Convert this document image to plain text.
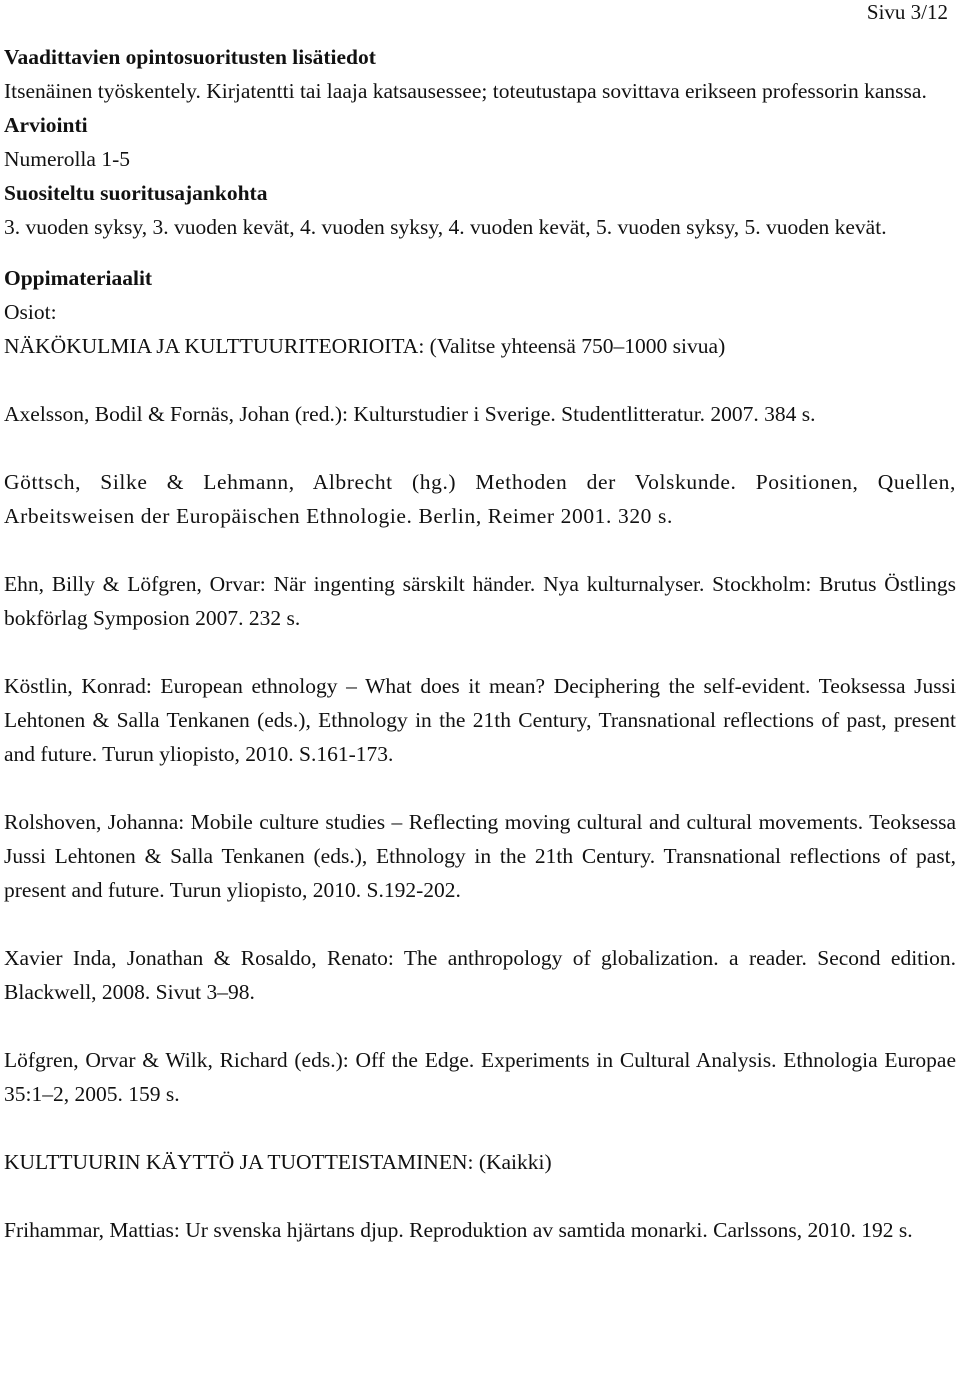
Sivu 3/12

Vaadittavien opintosuoritusten lisätiedot

Itsenäinen työskentely. Kirjatentti tai laaja katsausessee; toteutustapa sovittava erikseen professorin kanssa.

Arviointi

Numerolla 1-5

Suositeltu suoritusajankohta

3. vuoden syksy, 3. vuoden kevät, 4. vuoden syksy, 4. vuoden kevät, 5. vuoden syksy, 5. vuoden kevät.

Oppimateriaalit

Osiot:

NÄKÖKULMIA JA KULTTUURITEORIOITA: (Valitse yhteensä 750–1000 sivua)

Axelsson, Bodil & Fornäs, Johan (red.): Kulturstudier i Sverige. Studentlitteratur. 2007. 384 s.

Göttsch, Silke & Lehmann, Albrecht (hg.) Methoden der Volskunde. Positionen, Quellen, Arbeitsweisen der Europäischen Ethnologie. Berlin, Reimer 2001. 320 s.

Ehn, Billy & Löfgren, Orvar: När ingenting särskilt händer. Nya kulturnalyser. Stockholm: Brutus Östlings bokförlag Symposion 2007. 232 s.

Köstlin, Konrad: European ethnology – What does it mean? Deciphering the self-evident. Teoksessa Jussi Lehtonen & Salla Tenkanen (eds.), Ethnology in the 21th Century, Transnational reflections of past, present and future. Turun yliopisto, 2010. S.161-173.

Rolshoven, Johanna: Mobile culture studies – Reflecting moving cultural and cultural movements. Teoksessa Jussi Lehtonen & Salla Tenkanen (eds.), Ethnology in the 21th Century. Transnational reflections of past, present and future. Turun yliopisto, 2010. S.192-202.

Xavier Inda, Jonathan & Rosaldo, Renato: The anthropology of globalization. a reader. Second edition. Blackwell, 2008. Sivut 3–98.

Löfgren, Orvar & Wilk, Richard (eds.): Off the Edge. Experiments in Cultural Analysis. Ethnologia Europae 35:1–2, 2005. 159 s.

KULTTUURIN KÄYTTÖ JA TUOTTEISTAMINEN: (Kaikki)

Frihammar, Mattias: Ur svenska hjärtans djup. Reproduktion av samtida monarki. Carlssons, 2010. 192 s.
